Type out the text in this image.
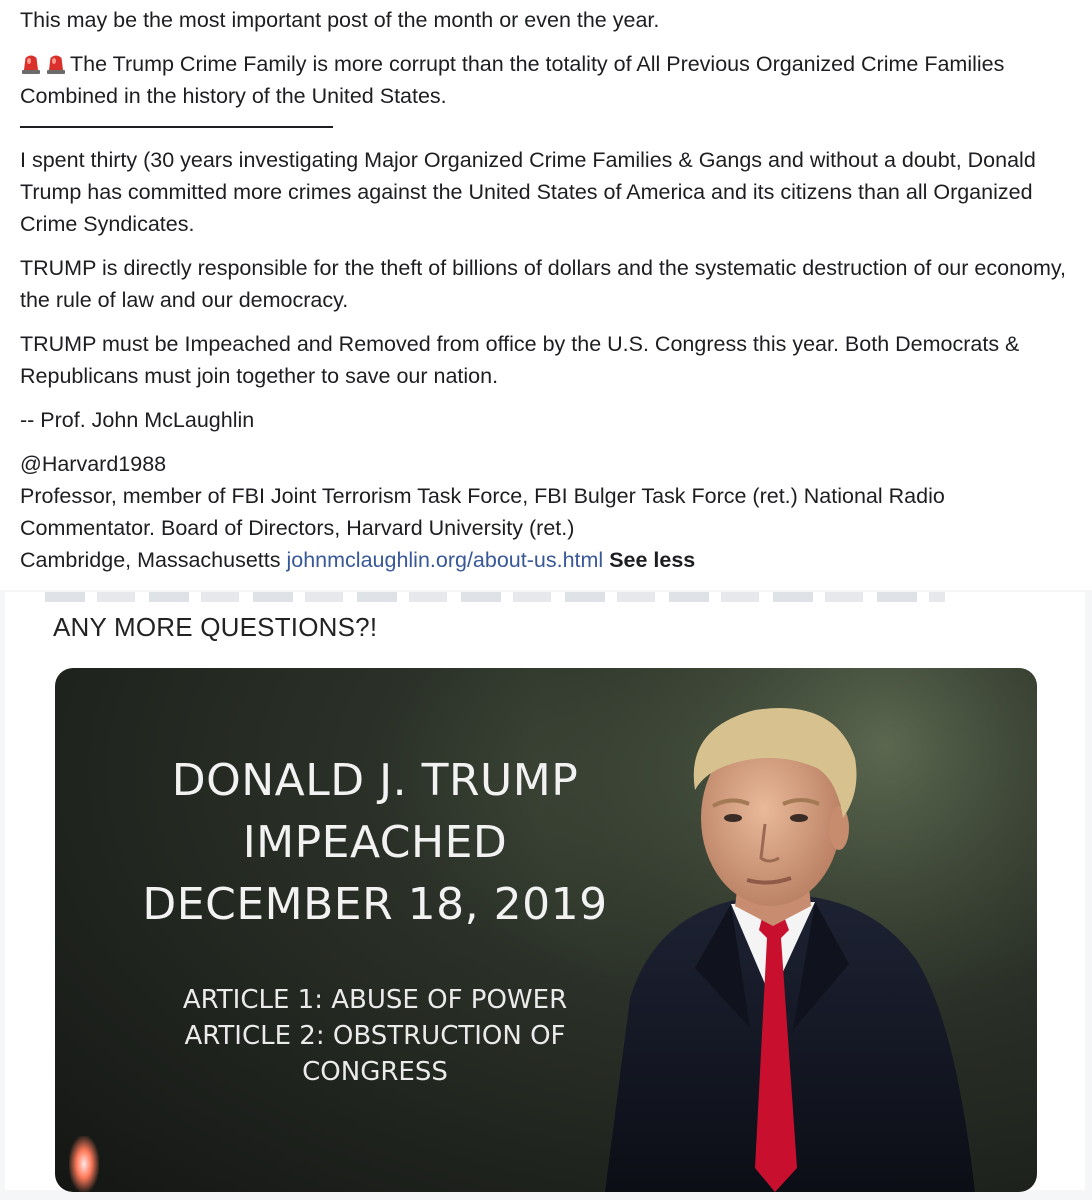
This may be the most important post of the month or even the year.

The Trump Crime Family is more corrupt than the totality of All Previous Organized Crime Families Combined in the history of the United States.

I spent thirty (30 years investigating Major Organized Crime Families & Gangs and without a doubt, Donald Trump has committed more crimes against the United States of America and its citizens than all Organized Crime Syndicates.

TRUMP is directly responsible for the theft of billions of dollars and the systematic destruction of our economy, the rule of law and our democracy.

TRUMP must be Impeached and Removed from office by the U.S. Congress this year. Both Democrats & Republicans must join together to save our nation.

-- Prof. John McLaughlin

@Harvard1988
Professor, member of FBI Joint Terrorism Task Force, FBI Bulger Task Force (ret.) National Radio Commentator. Board of Directors, Harvard University (ret.)
Cambridge, Massachusetts johnmclaughlin.org/about-us.html See less
ANY MORE QUESTIONS?!
DONALD J. TRUMP
IMPEACHED
DECEMBER 18, 2019
ARTICLE 1: ABUSE OF POWER
ARTICLE 2: OBSTRUCTION OF
CONGRESS
